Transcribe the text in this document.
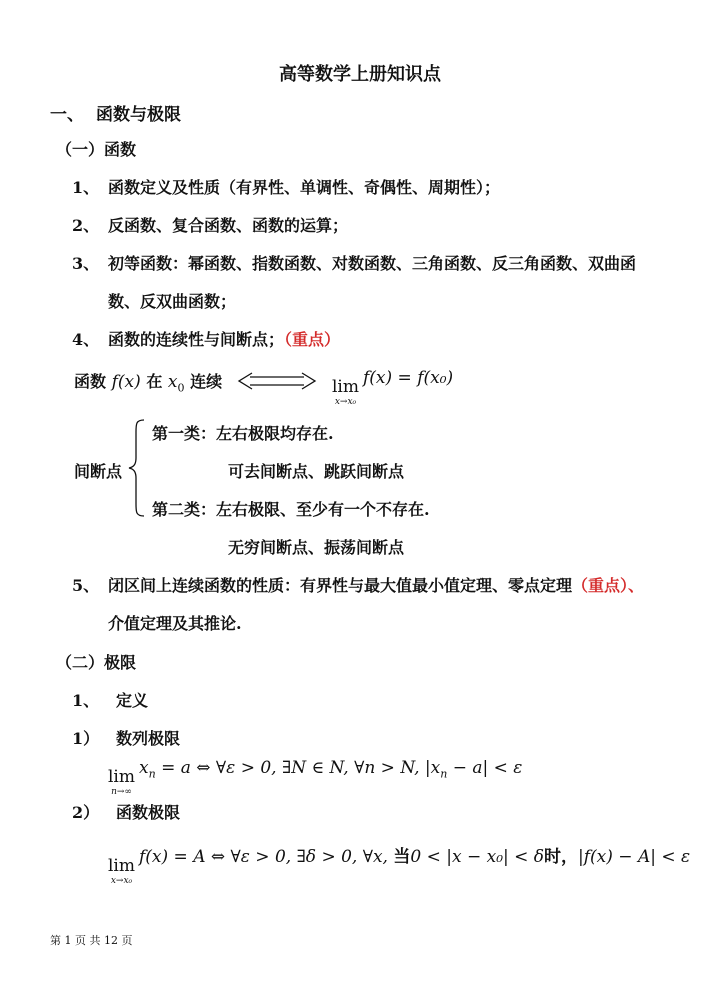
高等数学上册知识点
一、 函数与极限
（一）函数
1、 函数定义及性质（有界性、单调性、奇偶性、周期性）；
2、 反函数、复合函数、函数的运算；
3、 初等函数：幂函数、指数函数、对数函数、三角函数、反三角函数、双曲函
数、反双曲函数；
4、 函数的连续性与间断点；（重点）
函数 f(x) 在 $x_0$ 连续	lim
x→x₀
f(x) = f(x₀)
间断点
第一类：左右极限均存在.
可去间断点、跳跃间断点
第二类：左右极限、至少有一个不存在.
无穷间断点、振荡间断点
5、 闭区间上连续函数的性质：有界性与最大值最小值定理、零点定理（重点）、
介值定理及其推论.
（二）极限
1、 定义
1） 数列极限
lim
n→∞
$x_n = a$ ⇔ ∀ε > 0, ∃N ∈ N, ∀n > N, $|x_n - a| < \varepsilon$
2） 函数极限
lim
x→x₀
f(x) = A ⇔ ∀ε > 0, ∃δ > 0, ∀x, 当0 < |x − x₀| < δ时，|f(x) − A| < ε
第 1 页 共 12 页
